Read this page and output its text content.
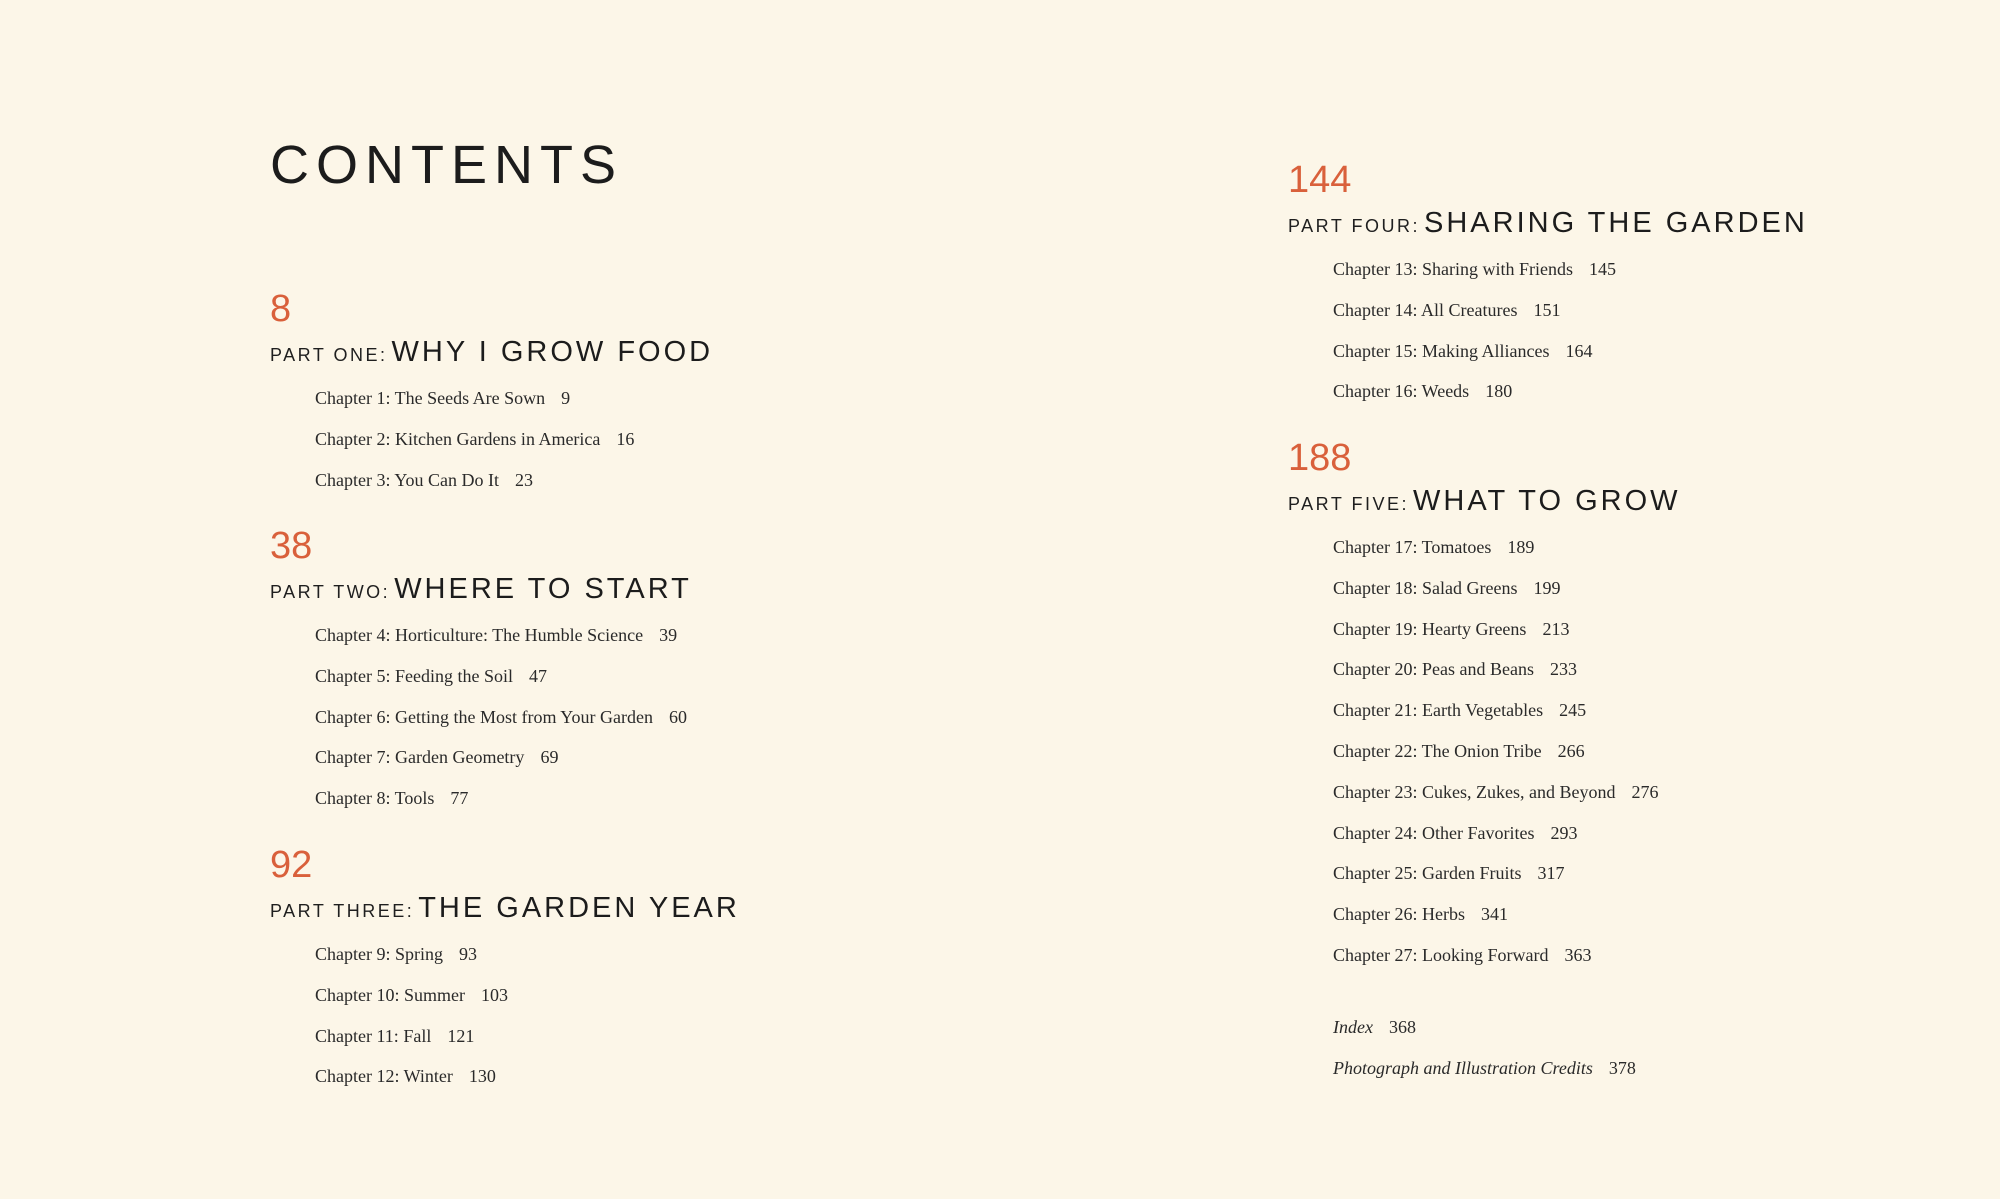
CONTENTS
8
PART ONE: WHY I GROW FOOD
Chapter 1: The Seeds Are Sown 9
Chapter 2: Kitchen Gardens in America 16
Chapter 3: You Can Do It 23
38
PART TWO: WHERE TO START
Chapter 4: Horticulture: The Humble Science 39
Chapter 5: Feeding the Soil 47
Chapter 6: Getting the Most from Your Garden 60
Chapter 7: Garden Geometry 69
Chapter 8: Tools 77
92
PART THREE: THE GARDEN YEAR
Chapter 9: Spring 93
Chapter 10: Summer 103
Chapter 11: Fall 121
Chapter 12: Winter 130
144
PART FOUR: SHARING THE GARDEN
Chapter 13: Sharing with Friends 145
Chapter 14: All Creatures 151
Chapter 15: Making Alliances 164
Chapter 16: Weeds 180
188
PART FIVE: WHAT TO GROW
Chapter 17: Tomatoes 189
Chapter 18: Salad Greens 199
Chapter 19: Hearty Greens 213
Chapter 20: Peas and Beans 233
Chapter 21: Earth Vegetables 245
Chapter 22: The Onion Tribe 266
Chapter 23: Cukes, Zukes, and Beyond 276
Chapter 24: Other Favorites 293
Chapter 25: Garden Fruits 317
Chapter 26: Herbs 341
Chapter 27: Looking Forward 363
Index 368
Photograph and Illustration Credits 378
